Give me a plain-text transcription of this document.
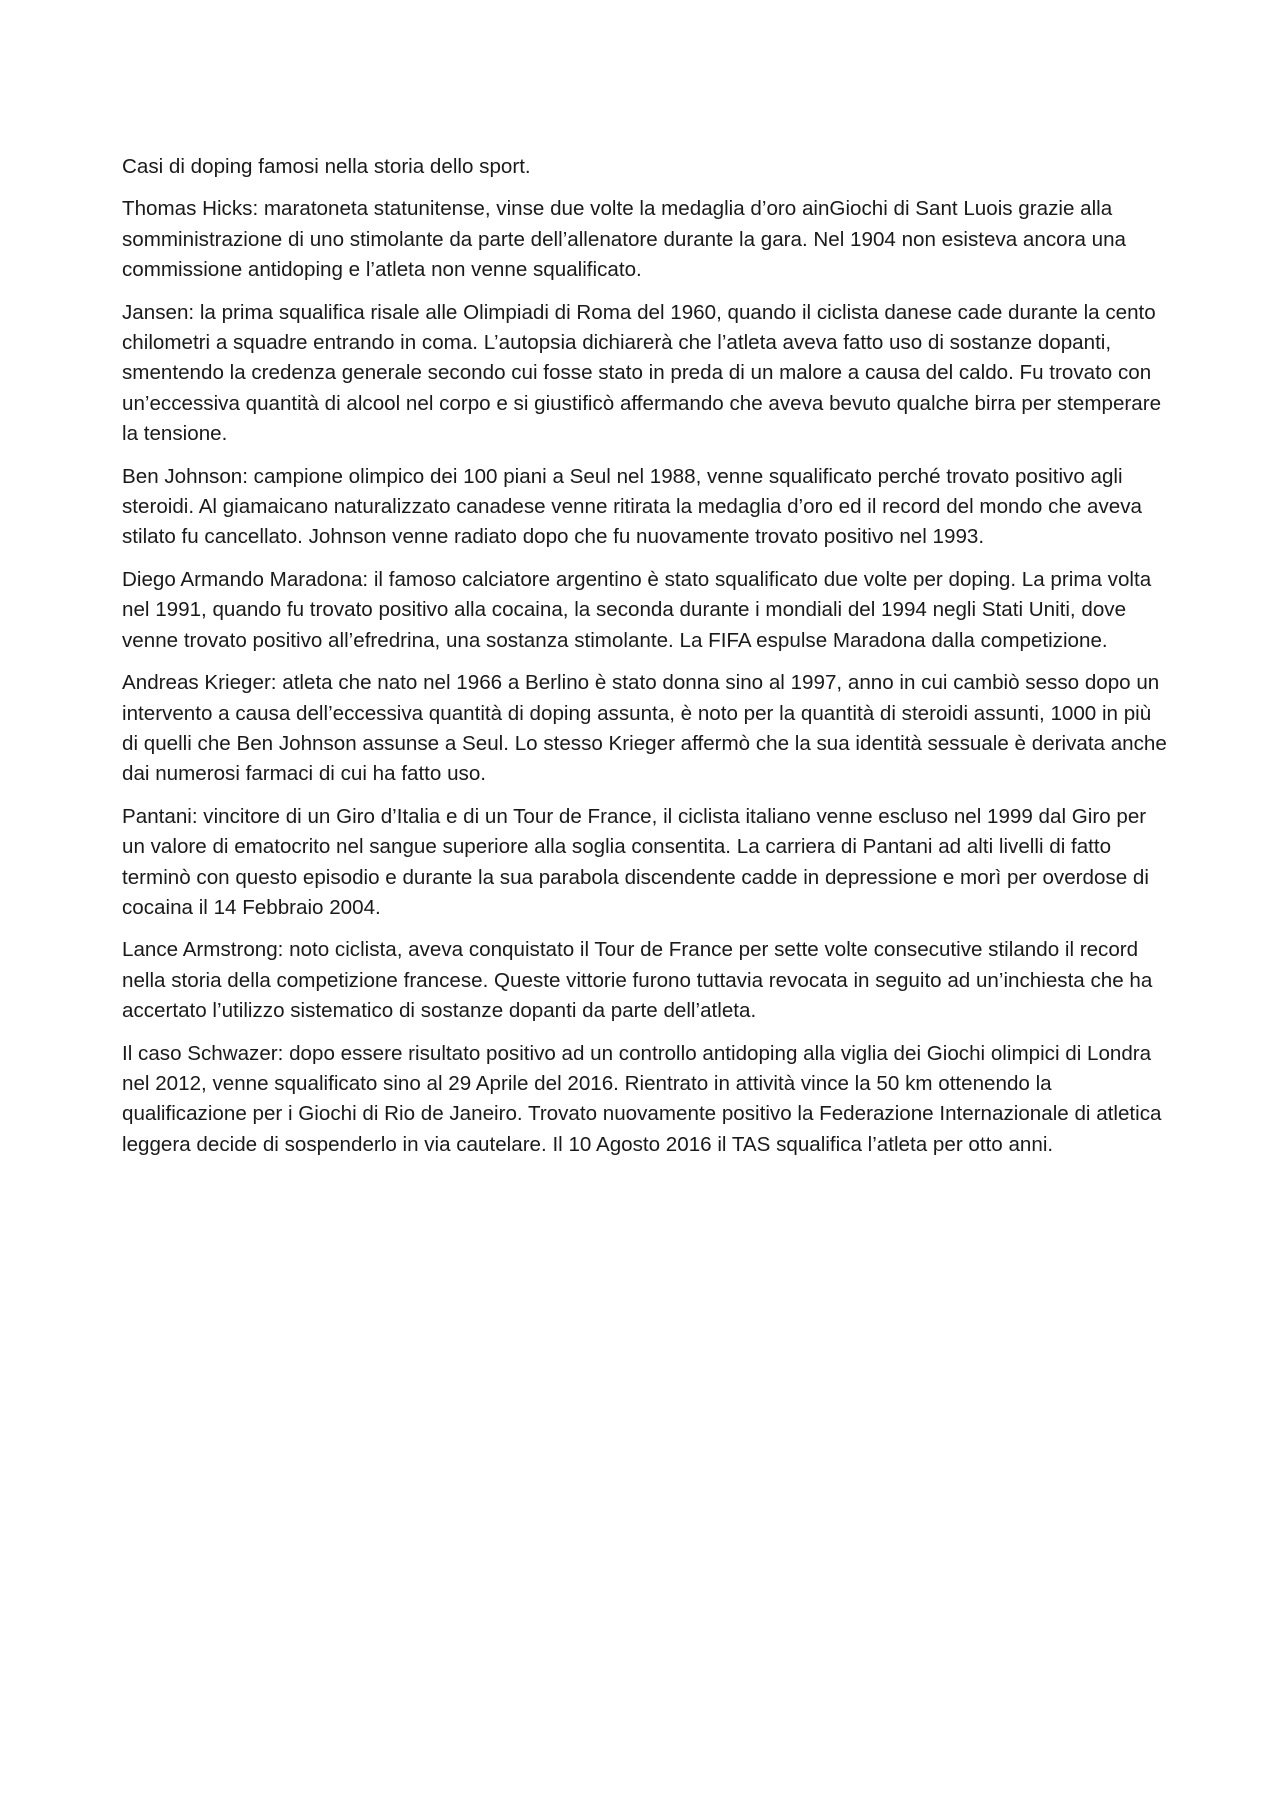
Casi di doping famosi nella storia dello sport.

Thomas Hicks: maratoneta statunitense, vinse due volte la medaglia d’oro ainGiochi di Sant Luois grazie alla somministrazione di uno stimolante da parte dell’allenatore durante la gara. Nel 1904 non esisteva ancora una commissione antidoping e l’atleta non venne squalificato.

Jansen: la prima squalifica risale alle Olimpiadi di Roma del 1960, quando il ciclista danese cade durante la cento chilometri a squadre entrando in coma. L’autopsia dichiarerà che l’atleta aveva fatto uso di sostanze dopanti, smentendo la credenza generale secondo cui fosse stato in preda di un malore a causa del caldo. Fu trovato con un’eccessiva quantità di alcool nel corpo e si giustificò affermando che aveva bevuto qualche birra per stemperare la tensione.

Ben Johnson: campione olimpico dei 100 piani a Seul nel 1988, venne squalificato perché trovato positivo agli steroidi. Al giamaicano naturalizzato canadese venne ritirata la medaglia d’oro ed il record del mondo che aveva stilato fu cancellato. Johnson venne radiato dopo che fu nuovamente trovato positivo nel 1993.

Diego Armando Maradona: il famoso calciatore argentino è stato squalificato due volte per doping. La prima volta nel 1991, quando fu trovato positivo alla cocaina, la seconda durante i mondiali del 1994 negli Stati Uniti, dove venne trovato positivo all’efredrina, una sostanza stimolante. La FIFA espulse Maradona dalla competizione.

Andreas Krieger: atleta che nato nel 1966 a Berlino è stato donna sino al 1997, anno in cui cambiò sesso dopo un intervento a causa dell’eccessiva quantità di doping assunta, è noto per la quantità di steroidi assunti, 1000 in più di quelli che Ben Johnson assunse a Seul. Lo stesso Krieger affermò che la sua identità sessuale è derivata anche dai numerosi farmaci di cui ha fatto uso.

Pantani: vincitore di un Giro d’Italia e di un Tour de France, il ciclista italiano venne escluso nel 1999 dal Giro per un valore di ematocrito nel sangue superiore alla soglia consentita. La carriera di Pantani ad alti livelli di fatto terminò con questo episodio e durante la sua parabola discendente cadde in depressione e morì per overdose di cocaina il 14 Febbraio 2004.

Lance Armstrong: noto ciclista, aveva conquistato il Tour de France per sette volte consecutive stilando il record nella storia della competizione francese. Queste vittorie furono tuttavia revocata in seguito ad un’inchiesta che ha accertato l’utilizzo sistematico di sostanze dopanti da parte dell’atleta.

Il caso Schwazer: dopo essere risultato positivo ad un controllo antidoping alla viglia dei Giochi olimpici di Londra nel 2012, venne squalificato sino al 29 Aprile del 2016. Rientrato in attività vince la 50 km ottenendo la qualificazione per i Giochi di Rio de Janeiro. Trovato nuovamente positivo la Federazione Internazionale di atletica leggera decide di sospenderlo in via cautelare. Il 10 Agosto 2016 il TAS squalifica l’atleta per otto anni.
